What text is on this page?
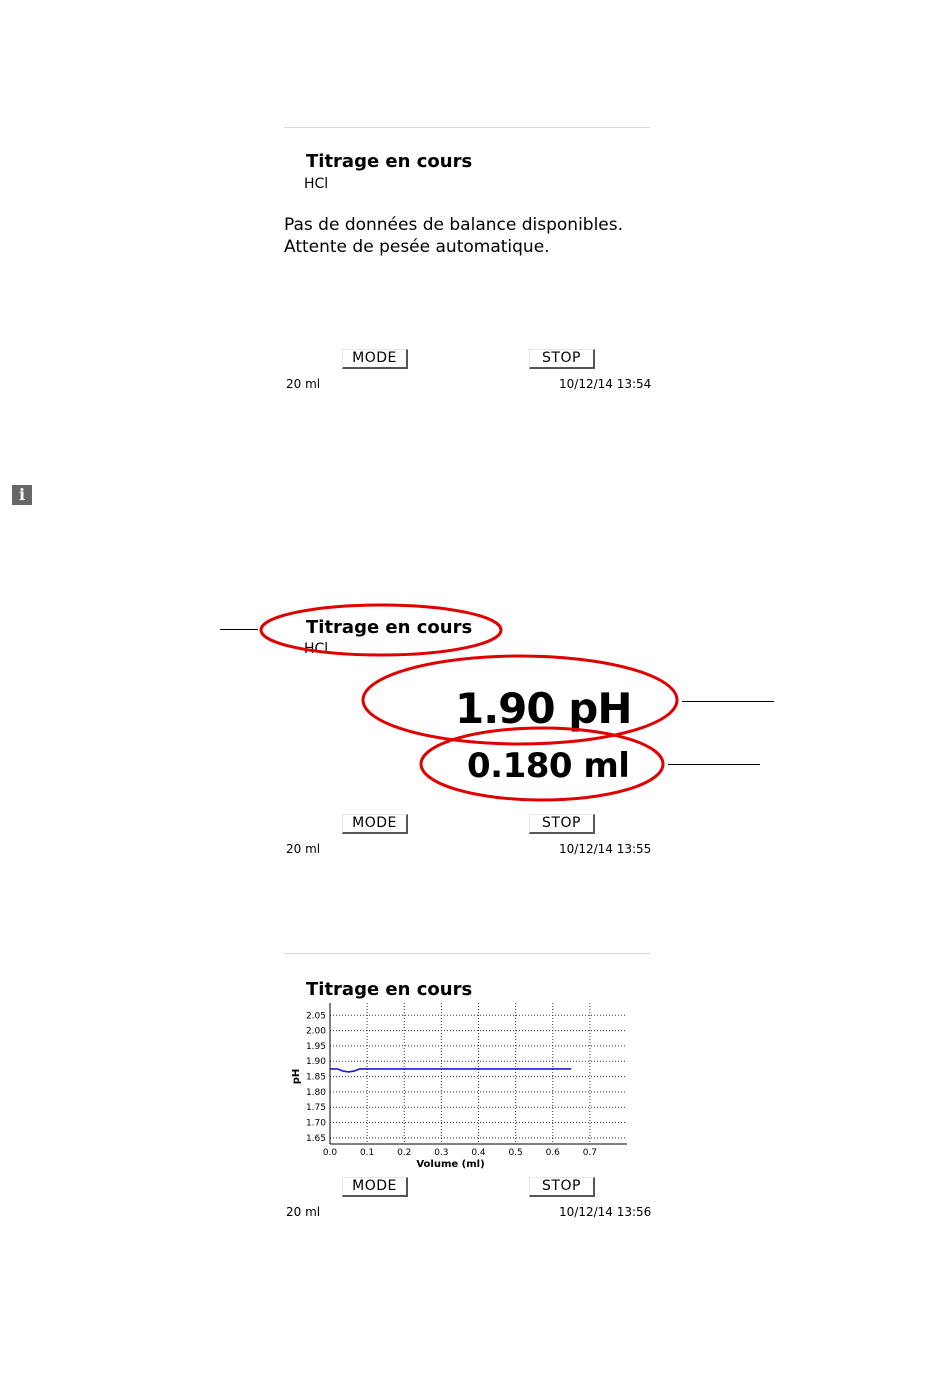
Titrage en cours
HCl
Pas de données de balance disponibles.
Attente de pesée automatique.
MODE	STOP
20 ml	10/12/14 13:54
i
Titrage en cours
HCl
1.90 pH
0.180 ml
MODE	STOP
20 ml	10/12/14 13:55
Titrage en cours
0.0	0.1	0.2	0.3	0.4	0.5	0.6	0.7
2.05
2.00
1.95
1.90
1.85
1.80
1.75
1.70
1.65
Volume (ml)
pH
MODE	STOP
20 ml	10/12/14 13:56
